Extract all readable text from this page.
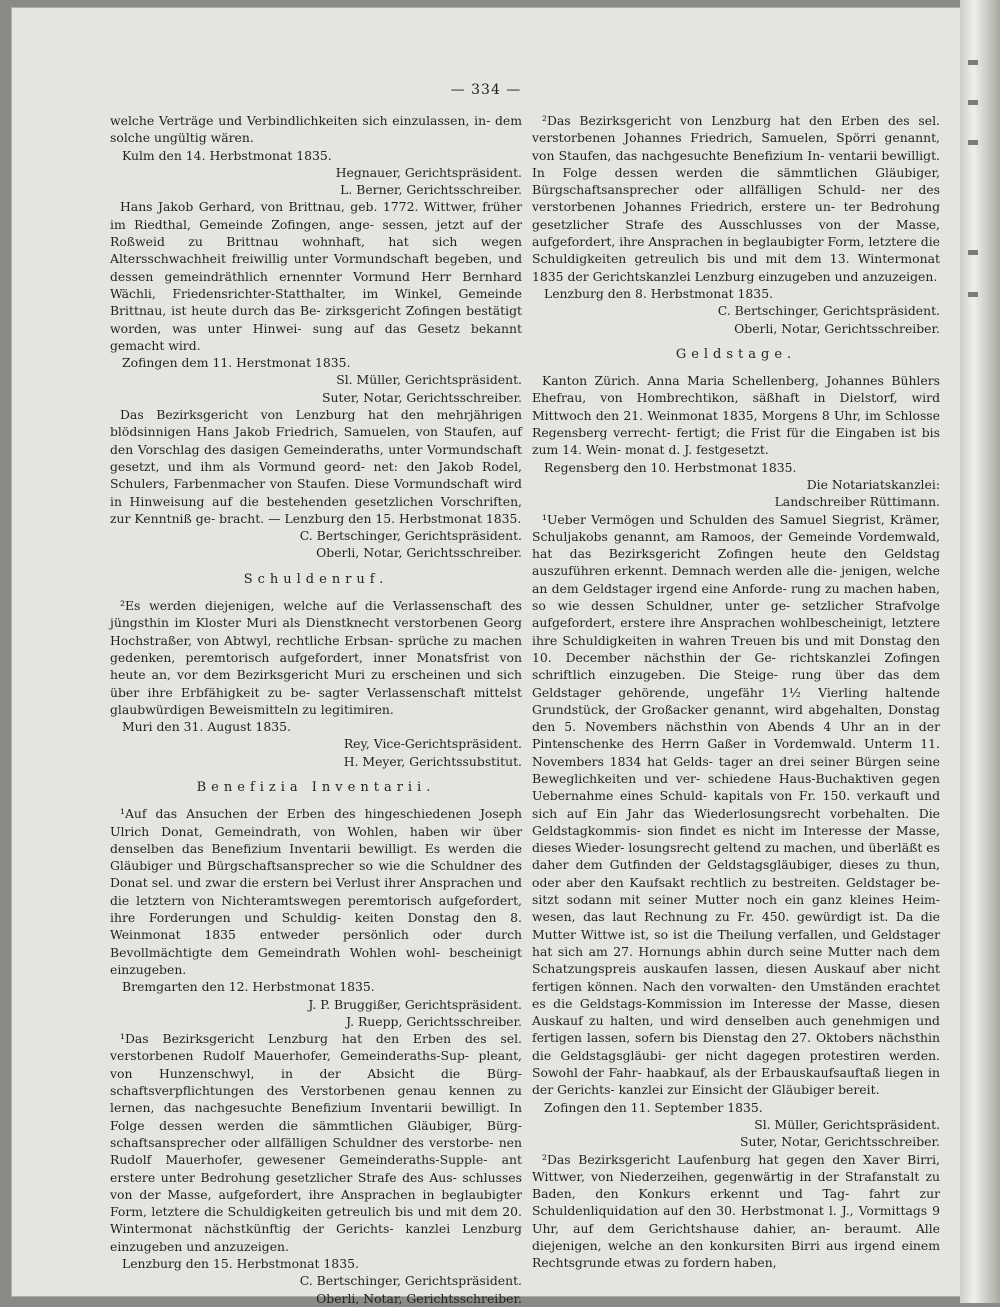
— 334 —

welche Verträge und Verbindlichkeiten sich einzulassen, in- dem solche ungültig wären.

Kulm den 14. Herbstmonat 1835.

Hegnauer, Gerichtspräsident.

L. Berner, Gerichtsschreiber.

Hans Jakob Gerhard, von Brittnau, geb. 1772. Wittwer, früher im Riedthal, Gemeinde Zofingen, ange- sessen, jetzt auf der Roßweid zu Brittnau wohnhaft, hat sich wegen Altersschwachheit freiwillig unter Vormundschaft begeben, und dessen gemeindräthlich ernennter Vormund Herr Bernhard Wächli, Friedensrichter-Statthalter, im Winkel, Gemeinde Brittnau, ist heute durch das Be- zirksgericht Zofingen bestätigt worden, was unter Hinwei- sung auf das Gesetz bekannt gemacht wird.

Zofingen dem 11. Herstmonat 1835.

Sl. Müller, Gerichtspräsident.

Suter, Notar, Gerichtsschreiber.

Das Bezirksgericht von Lenzburg hat den mehrjährigen blödsinnigen Hans Jakob Friedrich, Samuelen, von Staufen, auf den Vorschlag des dasigen Gemeinderaths, unter Vormundschaft gesetzt, und ihm als Vormund geord- net: den Jakob Rodel, Schulers, Farbenmacher von Staufen. Diese Vormundschaft wird in Hinweisung auf die bestehenden gesetzlichen Vorschriften, zur Kenntniß ge- bracht. — Lenzburg den 15. Herbstmonat 1835.

C. Bertschinger, Gerichtspräsident.

Oberli, Notar, Gerichtsschreiber.

Schuldenruf.

²Es werden diejenigen, welche auf die Verlassenschaft des jüngsthin im Kloster Muri als Dienstknecht verstorbenen Georg Hochstraßer, von Abtwyl, rechtliche Erbsan- sprüche zu machen gedenken, peremtorisch aufgefordert, inner Monatsfrist von heute an, vor dem Bezirksgericht Muri zu erscheinen und sich über ihre Erbfähigkeit zu be- sagter Verlassenschaft mittelst glaubwürdigen Beweismitteln zu legitimiren.

Muri den 31. August 1835.

Rey, Vice-Gerichtspräsident.

H. Meyer, Gerichtssubstitut.

Benefizia Inventarii.

¹Auf das Ansuchen der Erben des hingeschiedenen Joseph Ulrich Donat, Gemeindrath, von Wohlen, haben wir über denselben das Benefizium Inventarii bewilligt. Es werden die Gläubiger und Bürgschaftsansprecher so wie die Schuldner des Donat sel. und zwar die erstern bei Verlust ihrer Ansprachen und die letztern von Nichteramtswegen peremtorisch aufgefordert, ihre Forderungen und Schuldig- keiten Donstag den 8. Weinmonat 1835 entweder persönlich oder durch Bevollmächtigte dem Gemeindrath Wohlen wohl- bescheinigt einzugeben.

Bremgarten den 12. Herbstmonat 1835.

J. P. Bruggißer, Gerichtspräsident.

J. Ruepp, Gerichtsschreiber.

¹Das Bezirksgericht Lenzburg hat den Erben des sel. verstorbenen Rudolf Mauerhofer, Gemeinderaths-Sup- pleant, von Hunzenschwyl, in der Absicht die Bürg- schaftsverpflichtungen des Verstorbenen genau kennen zu lernen, das nachgesuchte Benefizium Inventarii bewilligt. In Folge dessen werden die sämmtlichen Gläubiger, Bürg- schaftsansprecher oder allfälligen Schuldner des verstorbe- nen Rudolf Mauerhofer, gewesener Gemeinderaths-Supple- ant erstere unter Bedrohung gesetzlicher Strafe des Aus- schlusses von der Masse, aufgefordert, ihre Ansprachen in beglaubigter Form, letztere die Schuldigkeiten getreulich bis und mit dem 20. Wintermonat nächstkünftig der Gerichts- kanzlei Lenzburg einzugeben und anzuzeigen.

Lenzburg den 15. Herbstmonat 1835.

C. Bertschinger, Gerichtspräsident.

Oberli, Notar, Gerichtsschreiber.

²Das Bezirksgericht von Lenzburg hat den Erben des sel. verstorbenen Johannes Friedrich, Samuelen, Spörri genannt, von Staufen, das nachgesuchte Benefizium In- ventarii bewilligt. In Folge dessen werden die sämmtlichen Gläubiger, Bürgschaftsansprecher oder allfälligen Schuld- ner des verstorbenen Johannes Friedrich, erstere un- ter Bedrohung gesetzlicher Strafe des Ausschlusses von der Masse, aufgefordert, ihre Ansprachen in beglaubigter Form, letztere die Schuldigkeiten getreulich bis und mit dem 13. Wintermonat 1835 der Gerichtskanzlei Lenzburg einzugeben und anzuzeigen.

Lenzburg den 8. Herbstmonat 1835.

C. Bertschinger, Gerichtspräsident.

Oberli, Notar, Gerichtsschreiber.

Geldstage.

Kanton Zürich. Anna Maria Schellenberg, Johannes Bühlers Ehefrau, von Hombrechtikon, säßhaft in Dielstorf, wird Mittwoch den 21. Weinmonat 1835, Morgens 8 Uhr, im Schlosse Regensberg verrecht- fertigt; die Frist für die Eingaben ist bis zum 14. Wein- monat d. J. festgesetzt.

Regensberg den 10. Herbstmonat 1835.

Die Notariatskanzlei:

Landschreiber Rüttimann.

¹Ueber Vermögen und Schulden des Samuel Siegrist, Krämer, Schuljakobs genannt, am Ramoos, der Gemeinde Vordemwald, hat das Bezirksgericht Zofingen heute den Geldstag auszuführen erkennt. Demnach werden alle die- jenigen, welche an dem Geldstager irgend eine Anforde- rung zu machen haben, so wie dessen Schuldner, unter ge- setzlicher Strafvolge aufgefordert, erstere ihre Ansprachen wohlbescheinigt, letztere ihre Schuldigkeiten in wahren Treuen bis und mit Donstag den 10. December nächsthin der Ge- richtskanzlei Zofingen schriftlich einzugeben. Die Steige- rung über das dem Geldstager gehörende, ungefähr 1½ Vierling haltende Grundstück, der Großacker genannt, wird abgehalten, Donstag den 5. Novembers nächsthin von Abends 4 Uhr an in der Pintenschenke des Herrn Gaßer in Vordemwald. Unterm 11. Novembers 1834 hat Gelds- tager an drei seiner Bürgen seine Beweglichkeiten und ver- schiedene Haus-Buchaktiven gegen Uebernahme eines Schuld- kapitals von Fr. 150. verkauft und sich auf Ein Jahr das Wiederlosungsrecht vorbehalten. Die Geldstagkommis- sion findet es nicht im Interesse der Masse, dieses Wieder- losungsrecht geltend zu machen, und überläßt es daher dem Gutfinden der Geldstagsgläubiger, dieses zu thun, oder aber den Kaufsakt rechtlich zu bestreiten. Geldstager be- sitzt sodann mit seiner Mutter noch ein ganz kleines Heim- wesen, das laut Rechnung zu Fr. 450. gewürdigt ist. Da die Mutter Wittwe ist, so ist die Theilung verfallen, und Geldstager hat sich am 27. Hornungs abhin durch seine Mutter nach dem Schatzungspreis auskaufen lassen, diesen Auskauf aber nicht fertigen können. Nach den vorwalten- den Umständen erachtet es die Geldstags-Kommission im Interesse der Masse, diesen Auskauf zu halten, und wird denselben auch genehmigen und fertigen lassen, sofern bis Dienstag den 27. Oktobers nächsthin die Geldstagsgläubi- ger nicht dagegen protestiren werden. Sowohl der Fahr- haabkauf, als der Erbauskaufsauftaß liegen in der Gerichts- kanzlei zur Einsicht der Gläubiger bereit.

Zofingen den 11. September 1835.

Sl. Müller, Gerichtspräsident.

Suter, Notar, Gerichtsschreiber.

²Das Bezirksgericht Laufenburg hat gegen den Xaver Birri, Wittwer, von Niederzeihen, gegenwärtig in der Strafanstalt zu Baden, den Konkurs erkennt und Tag- fahrt zur Schuldenliquidation auf den 30. Herbstmonat l. J., Vormittags 9 Uhr, auf dem Gerichtshause dahier, an- beraumt. Alle diejenigen, welche an den konkursiten Birri aus irgend einem Rechtsgrunde etwas zu fordern haben,
